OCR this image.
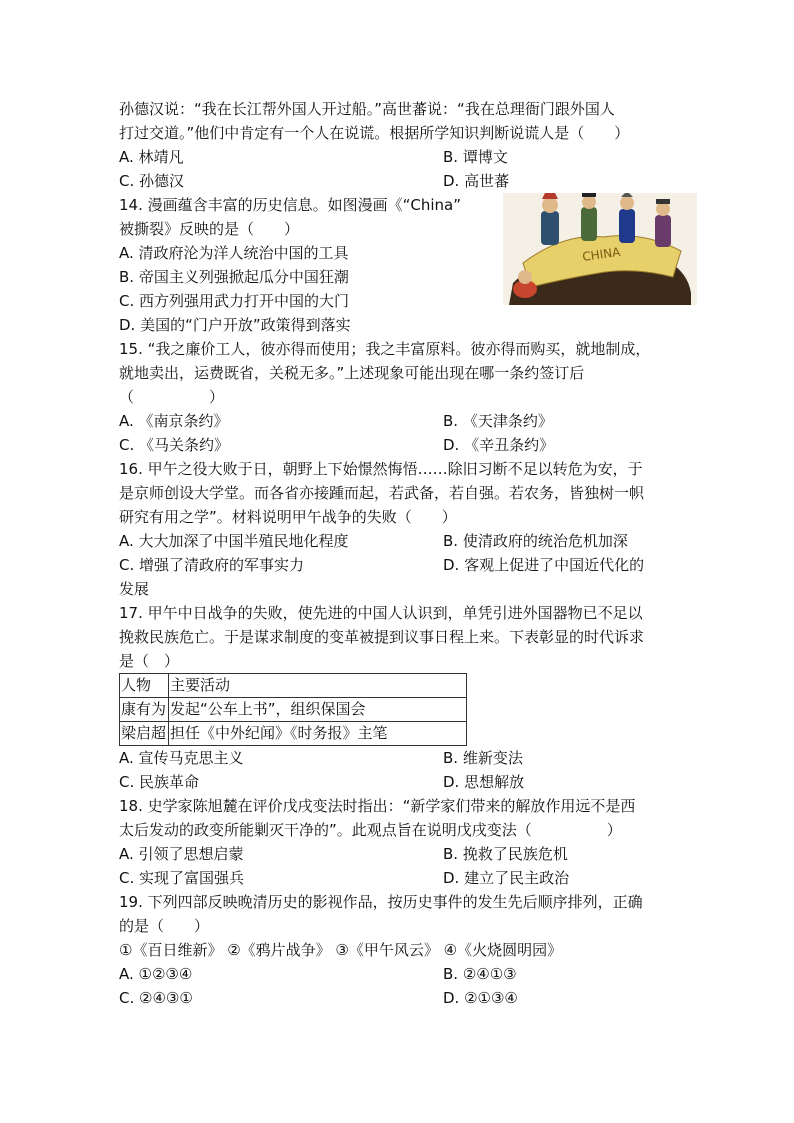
孙德汉说：“我在长江帮外国人开过船。”高世蕃说：“我在总理衙门跟外国人
打过交道。”他们中肯定有一个人在说谎。根据所学知识判断说谎人是（　　）
A. 林靖凡	B. 谭博文
C. 孙德汉	D. 高世蕃
14. 漫画蕴含丰富的历史信息。如图漫画《“China”
被撕裂》反映的是（　　）
A. 清政府沦为洋人统治中国的工具
B. 帝国主义列强掀起瓜分中国狂潮
C. 西方列强用武力打开中国的大门
D. 美国的“门户开放”政策得到落实
CHINA
15. “我之廉价工人，彼亦得而使用；我之丰富原料。彼亦得而购买，就地制成，
就地卖出，运费既省，关税无多。”上述现象可能出现在哪一条约签订后
（　　　　　）
A. 《南京条约》	B. 《天津条约》
C. 《马关条约》	D. 《辛丑条约》
16. 甲午之役大败于日，朝野上下始憬然悔悟……除旧习断不足以转危为安，于
是京师创设大学堂。而各省亦接踵而起，若武备，若自强。若农务，皆独树一帜
研究有用之学”。材料说明甲午战争的失败（　　）
A. 大大加深了中国半殖民地化程度	B. 使清政府的统治危机加深
C. 增强了清政府的军事实力	D. 客观上促进了中国近代化的
发展
17. 甲午中日战争的失败，使先进的中国人认识到，单凭引进外国器物已不足以
挽救民族危亡。于是谋求制度的变革被提到议事日程上来。下表彰显的时代诉求
是（　）
人物	主要活动
康有为	发起“公车上书”，组织保国会
梁启超	担任《中外纪闻》《时务报》主笔
A. 宣传马克思主义	B. 维新变法
C. 民族革命	D. 思想解放
18. 史学家陈旭麓在评价戊戌变法时指出：“新学家们带来的解放作用远不是西
太后发动的政变所能剿灭干净的”。此观点旨在说明戊戌变法（　　　　　）
A. 引领了思想启蒙	B. 挽救了民族危机
C. 实现了富国强兵	D. 建立了民主政治
19. 下列四部反映晚清历史的影视作品，按历史事件的发生先后顺序排列，正确
的是（　　）
①《百日维新》 ②《鸦片战争》 ③《甲午风云》 ④《火烧圆明园》
A. ①②③④	B. ②④①③
C. ②④③①	D. ②①③④
